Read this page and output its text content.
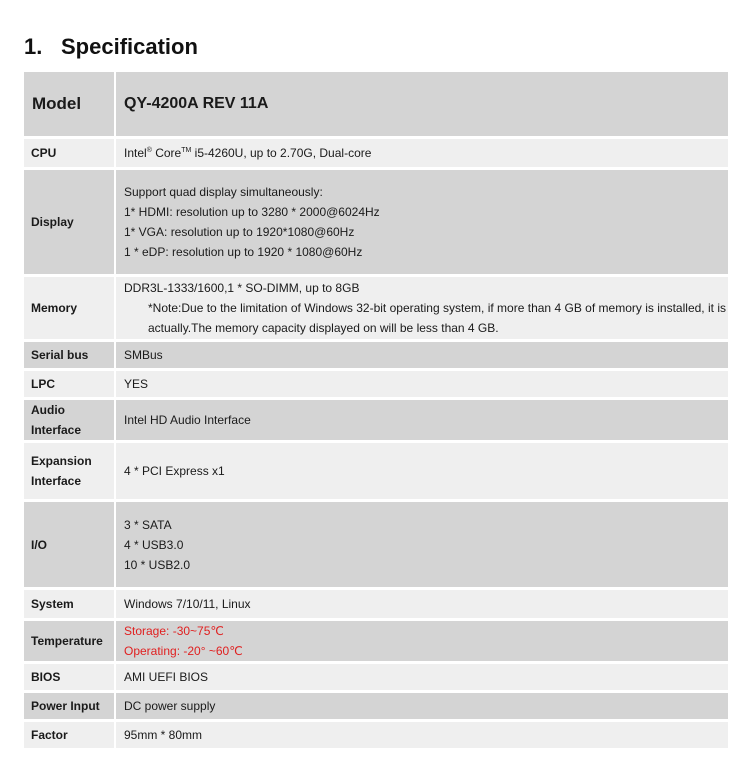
1. Specification
Model	QY-4200A REV 11A
CPU	Intel® Core™ i5-4260U, up to 2.70G, Dual-core
Display	Support quad display simultaneously:
1* HDMI: resolution up to 3280 * 2000@6024Hz
1* VGA: resolution up to 1920*1080@60Hz
1 * eDP: resolution up to 1920 * 1080@60Hz

Memory	DDR3L-1333/1600,1 * SO-DIMM, up to 8GB
*Note:Due to the limitation of Windows 32-bit operating system, if more than 4 GB of memory is installed, it is actually.The memory capacity displayed on will be less than 4 GB.

Serial bus	SMBus
LPC	YES
Audio Interface	Intel HD Audio Interface
Expansion Interface	4 * PCI Express x1
I/O	3 * SATA
4 * USB3.0
10 * USB2.0

System	Windows 7/10/11, Linux
Temperature	Storage: -30~75℃
Operating: -20° ~60℃

BIOS	AMI UEFI BIOS
Power Input	DC power supply
Factor	95mm * 80mm
